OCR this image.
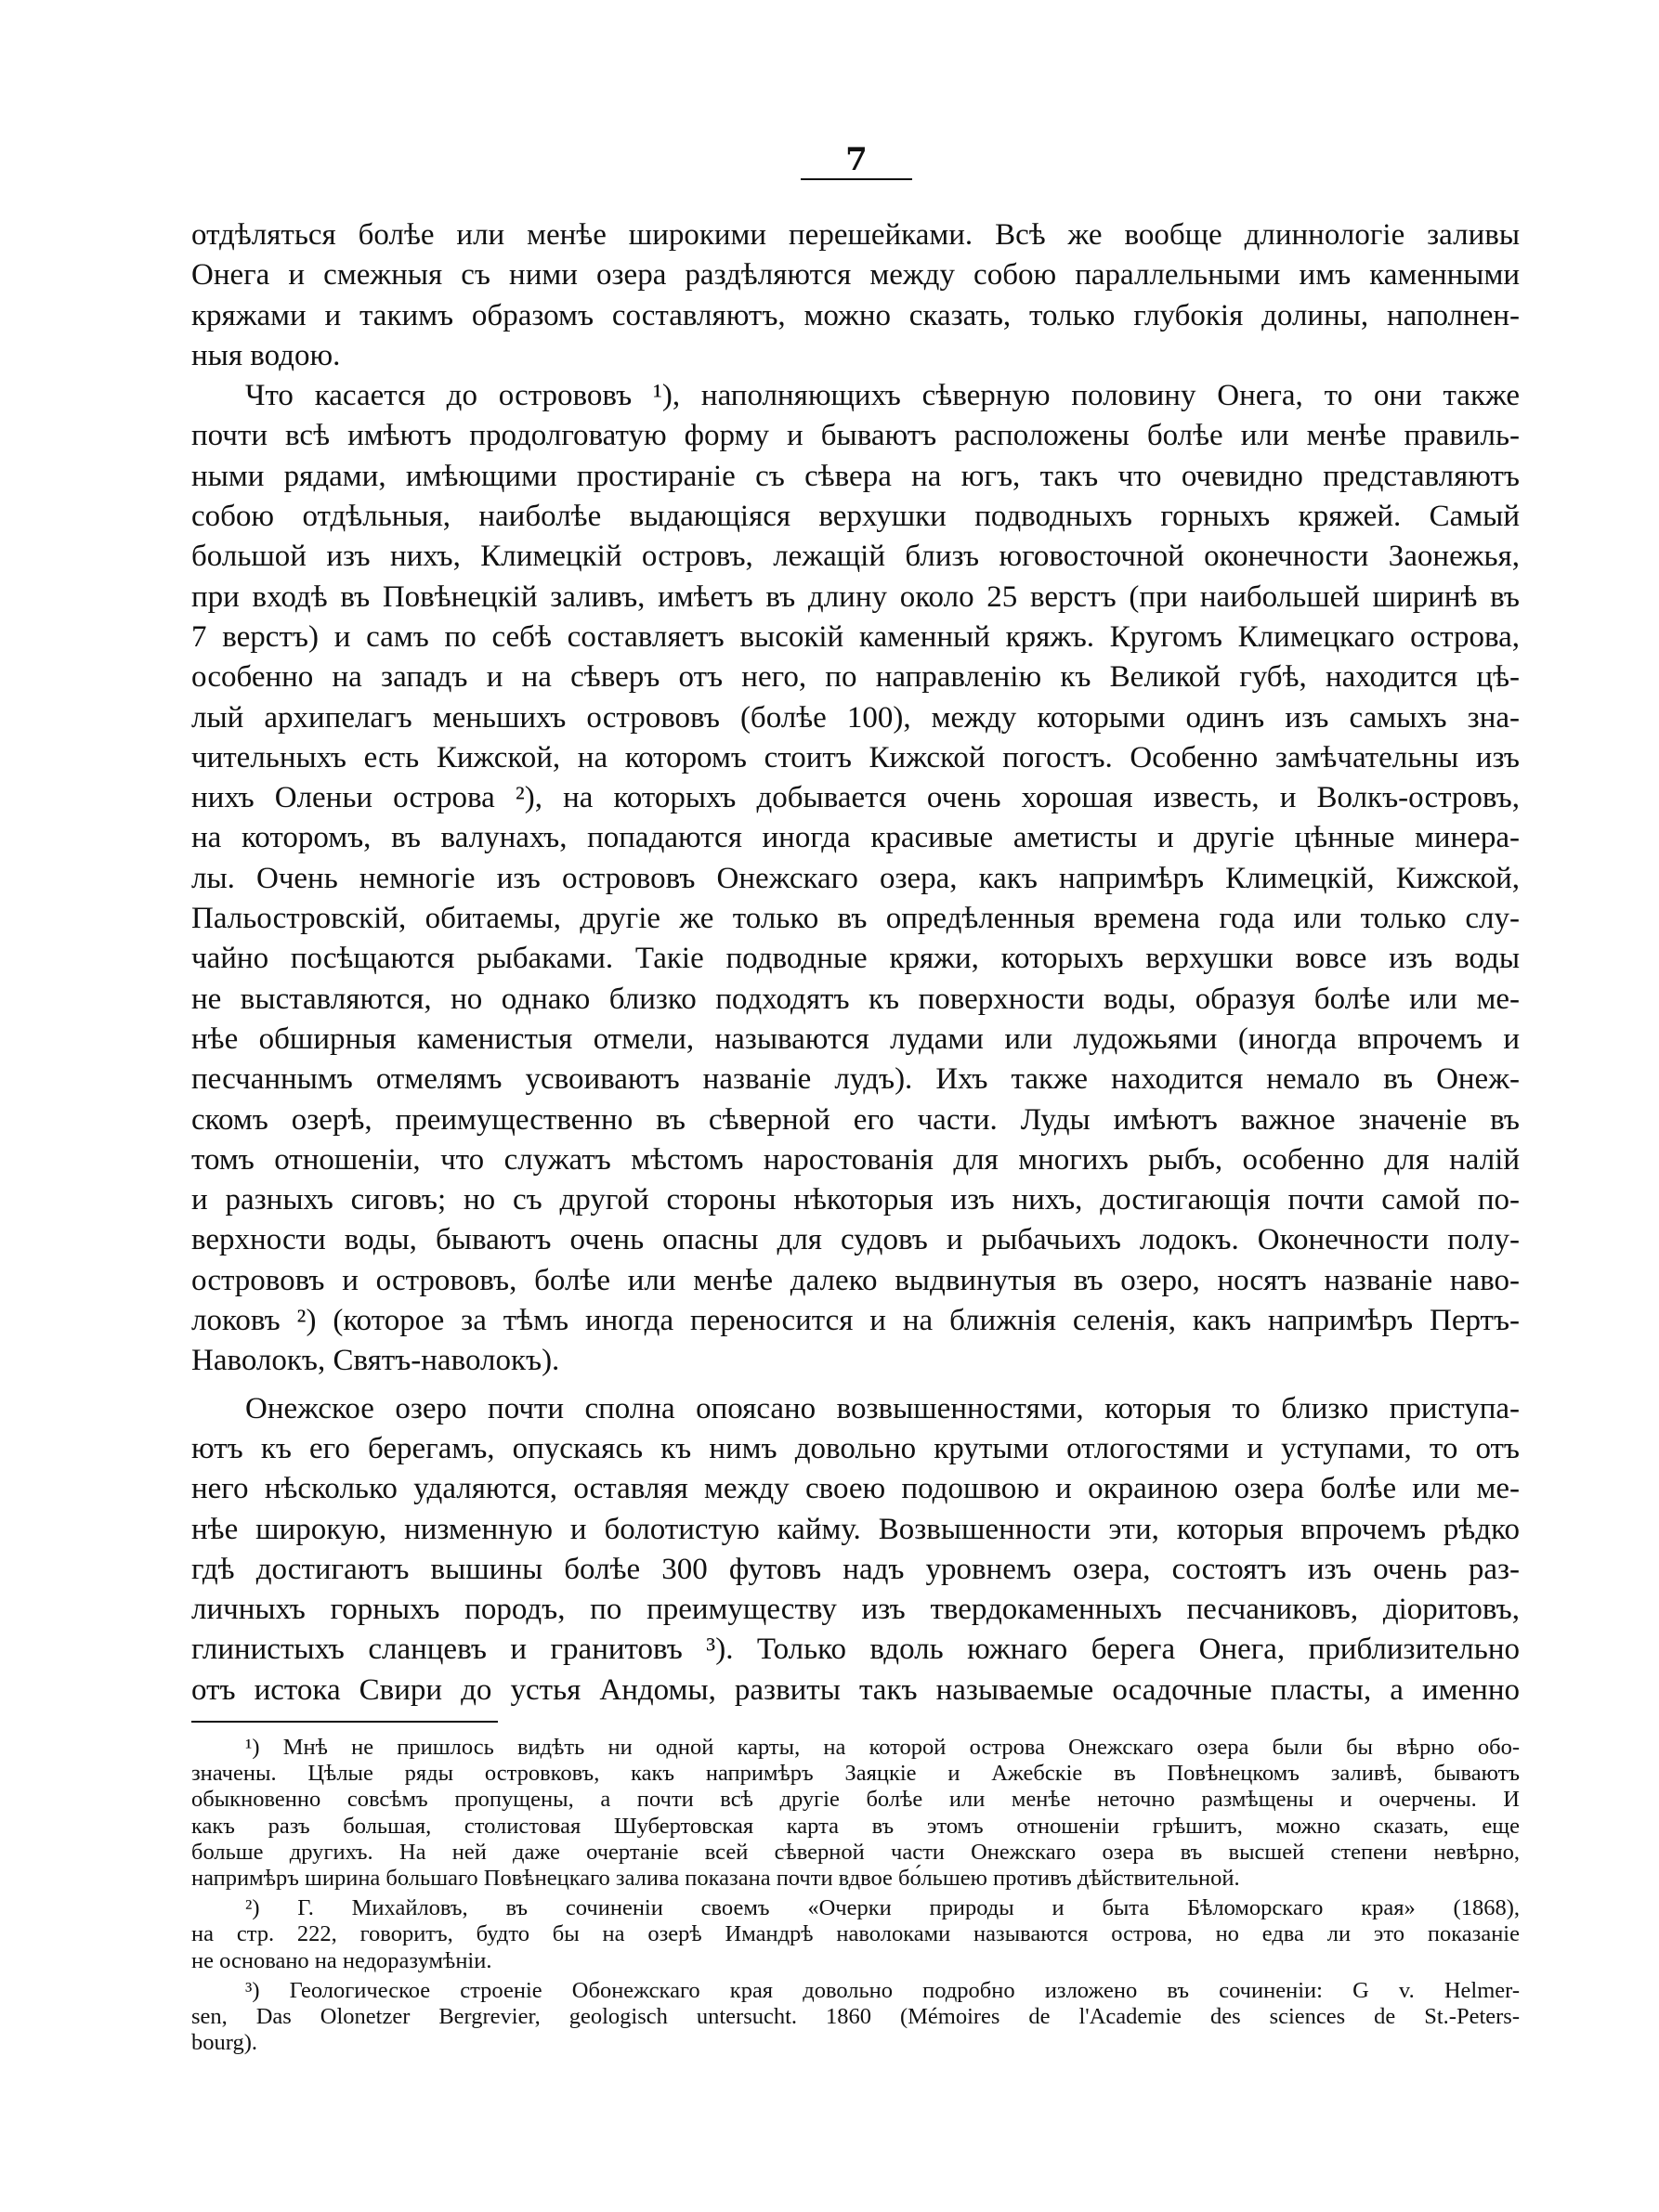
7
отдѣляться болѣе или менѣе широкими перешейками. Всѣ же вообще длиннологіе заливы
Онега и смежныя съ ними озера раздѣляются между собою параллельными имъ каменными
кряжами и такимъ образомъ составляютъ, можно сказать, только глубокія долины, наполнен-
ныя водою.
Что касается до острововъ ¹), наполняющихъ сѣверную половину Онега, то они также
почти всѣ имѣютъ продолговатую форму и бываютъ расположены болѣе или менѣе правиль-
ными рядами, имѣющими простираніе съ сѣвера на югъ, такъ что очевидно представляютъ
собою отдѣльныя, наиболѣе выдающіяся верхушки подводныхъ горныхъ кряжей. Самый
большой изъ нихъ, Климецкій островъ, лежащій близъ юговосточной оконечности Заонежья,
при входѣ въ Повѣнецкій заливъ, имѣетъ въ длину около 25 верстъ (при наибольшей ширинѣ въ
7 верстъ) и самъ по себѣ составляетъ высокій каменный кряжъ. Кругомъ Климецкаго острова,
особенно на западъ и на сѣверъ отъ него, по направленію къ Великой губѣ, находится цѣ-
лый архипелагъ меньшихъ острововъ (болѣе 100), между которыми одинъ изъ самыхъ зна-
чительныхъ есть Кижской, на которомъ стоитъ Кижской погостъ. Особенно замѣчательны изъ
нихъ Оленьи острова ²), на которыхъ добывается очень хорошая известь, и Волкъ-островъ,
на которомъ, въ валунахъ, попадаются иногда красивые аметисты и другіе цѣнные минера-
лы. Очень немногіе изъ острововъ Онежскаго озера, какъ напримѣръ Климецкій, Кижской,
Пальостровскій, обитаемы, другіе же только въ опредѣленныя времена года или только слу-
чайно посѣщаются рыбаками. Такіе подводные кряжи, которыхъ верхушки вовсе изъ воды
не выставляются, но однако близко подходятъ къ поверхности воды, образуя болѣе или ме-
нѣе обширныя каменистыя отмели, называются лудами или лудожьями (иногда впрочемъ и
песчаннымъ отмелямъ усвоиваютъ названіе лудъ). Ихъ также находится немало въ Онеж-
скомъ озерѣ, преимущественно въ сѣверной его части. Луды имѣютъ важное значеніе въ
томъ отношеніи, что служатъ мѣстомъ наростованія для многихъ рыбъ, особенно для налій
и разныхъ сиговъ; но съ другой стороны нѣкоторыя изъ нихъ, достигающія почти самой по-
верхности воды, бываютъ очень опасны для судовъ и рыбачьихъ лодокъ. Оконечности полу-
острововъ и острововъ, болѣе или менѣе далеко выдвинутыя въ озеро, носятъ названіе наво-
локовъ ²) (которое за тѣмъ иногда переносится и на ближнія селенія, какъ напримѣръ Пертъ-
Наволокъ, Святъ-наволокъ).
Онежское озеро почти сполна опоясано возвышенностями, которыя то близко приступа-
ютъ къ его берегамъ, опускаясь къ нимъ довольно крутыми отлогостями и уступами, то отъ
него нѣсколько удаляются, оставляя между своею подошвою и окраиною озера болѣе или ме-
нѣе широкую, низменную и болотистую кайму. Возвышенности эти, которыя впрочемъ рѣдко
гдѣ достигаютъ вышины болѣе 300 футовъ надъ уровнемъ озера, состоятъ изъ очень раз-
личныхъ горныхъ породъ, по преимуществу изъ твердокаменныхъ песчаниковъ, діоритовъ,
глинистыхъ сланцевъ и гранитовъ ³). Только вдоль южнаго берега Онега, приблизительно
отъ истока Свири до устья Андомы, развиты такъ называемые осадочные пласты, а именно
¹) Мнѣ не пришлось видѣть ни одной карты, на которой острова Онежскаго озера были бы вѣрно обо-
значены. Цѣлые ряды островковъ, какъ напримѣръ Заяцкіе и Ажебскіе въ Повѣнецкомъ заливѣ, бываютъ
обыкновенно совсѣмъ пропущены, а почти всѣ другіе болѣе или менѣе неточно размѣщены и очерчены. И
какъ разъ большая, столистовая Шубертовская карта въ этомъ отношеніи грѣшитъ, можно сказать, еще
больше другихъ. На ней даже очертаніе всей сѣверной части Онежскаго озера въ высшей степени невѣрно,
напримѣръ ширина большаго Повѣнецкаго залива показана почти вдвое бо́льшею противъ дѣйствительной.
²) Г. Михайловъ, въ сочиненіи своемъ «Очерки природы и быта Бѣломорскаго края» (1868),
на стр. 222, говоритъ, будто бы на озерѣ Имандрѣ наволоками называются острова, но едва ли это показаніе
не основано на недоразумѣніи.
³) Геологическое строеніе Обонежскаго края довольно подробно изложено въ сочиненіи: G v. Helmer-
sen, Das Olonetzer Bergrevier, geologisch untersucht. 1860 (Mémoires de l'Academie des sciences de St.-Peters-
bourg).
